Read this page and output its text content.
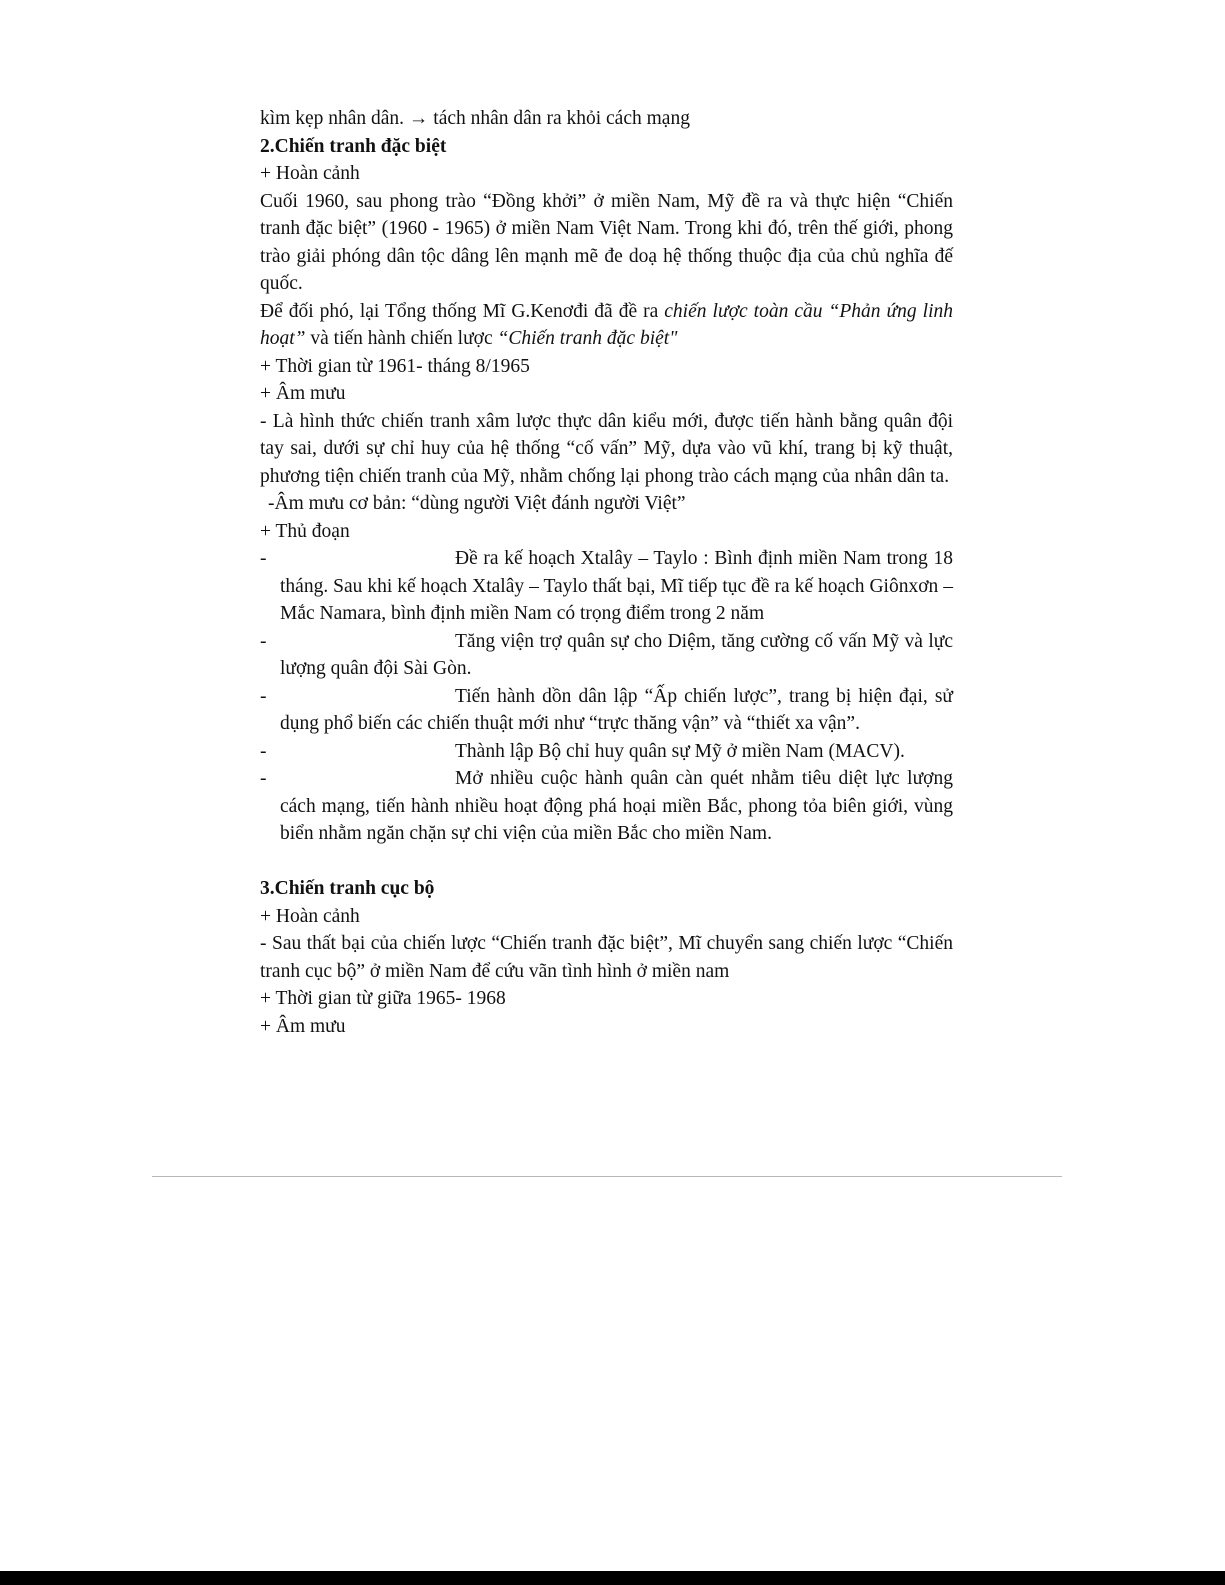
kìm kẹp nhân dân. → tách nhân dân ra khỏi cách mạng

2.Chiến tranh đặc biệt

+ Hoàn cảnh

Cuối 1960, sau phong trào “Đồng khởi” ở miền Nam, Mỹ đề ra và thực hiện “Chiến tranh đặc biệt” (1960 - 1965) ở miền Nam Việt Nam. Trong khi đó, trên thế giới, phong trào giải phóng dân tộc dâng lên mạnh mẽ đe doạ hệ thống thuộc địa của chủ nghĩa đế quốc.

Để đối phó, lại Tổng thống Mĩ G.Kenơđi đã đề ra chiến lược toàn cầu “Phản ứng linh hoạt” và tiến hành chiến lược “Chiến tranh đặc biệt"

+ Thời gian từ 1961- tháng 8/1965

+ Âm mưu

- Là hình thức chiến tranh xâm lược thực dân kiểu mới, được tiến hành bằng quân đội tay sai, dưới sự chỉ huy của hệ thống “cố vấn” Mỹ, dựa vào vũ khí, trang bị kỹ thuật, phương tiện chiến tranh của Mỹ, nhằm chống lại phong trào cách mạng của nhân dân ta.

-Âm mưu cơ bản: “dùng người Việt đánh người Việt”

+ Thủ đoạn

-	Đề ra kế hoạch Xtalây – Taylo : Bình định miền Nam trong 18 tháng. Sau khi kế hoạch Xtalây – Taylo thất bại, Mĩ tiếp tục đề ra kế hoạch Giônxơn – Mắc Namara, bình định miền Nam có trọng điểm trong 2 năm

-	Tăng viện trợ quân sự cho Diệm, tăng cường cố vấn Mỹ và lực lượng quân đội Sài Gòn.

-	Tiến hành dồn dân lập “Ấp chiến lược”, trang bị hiện đại, sử dụng phổ biến các chiến thuật mới như “trực thăng vận” và “thiết xa vận”.

-	Thành lập Bộ chỉ huy quân sự Mỹ ở miền Nam (MACV).

-	Mở nhiều cuộc hành quân càn quét nhằm tiêu diệt lực lượng cách mạng, tiến hành nhiều hoạt động phá hoại miền Bắc, phong tỏa biên giới, vùng biển nhằm ngăn chặn sự chi viện của miền Bắc cho miền Nam.

3.Chiến tranh cục bộ

+ Hoàn cảnh

- Sau thất bại của chiến lược “Chiến tranh đặc biệt”, Mĩ chuyển sang chiến lược “Chiến tranh cục bộ” ở miền Nam để cứu vãn tình hình ở miền nam

+ Thời gian từ giữa 1965- 1968

+ Âm mưu
